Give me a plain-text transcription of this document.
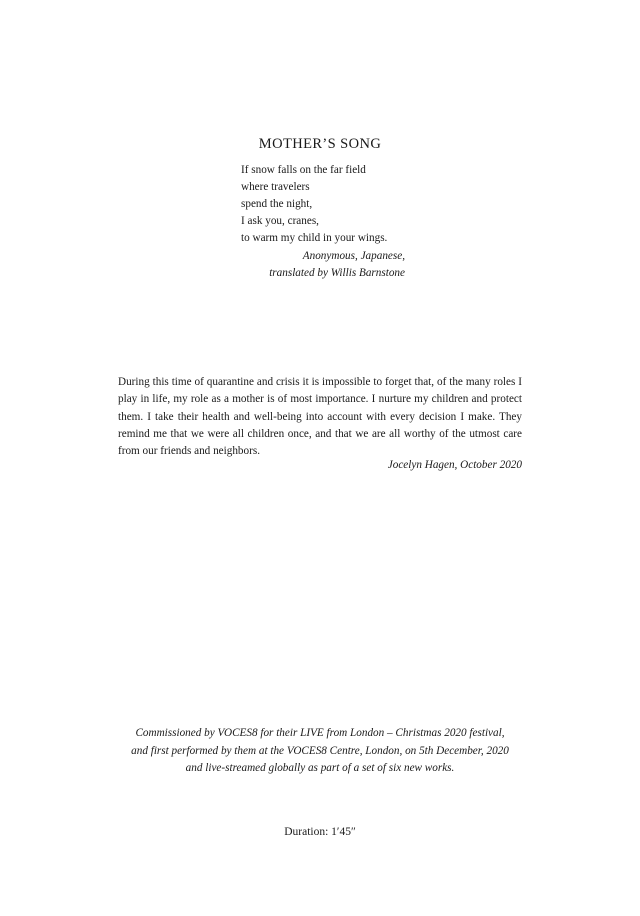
MOTHER’S SONG
If snow falls on the far field
where travelers
spend the night,
I ask you, cranes,
to warm my child in your wings.
Anonymous, Japanese,
translated by Willis Barnstone

During this time of quarantine and crisis it is impossible to forget that, of the many roles I play in life, my role as a mother is of most importance. I nurture my children and protect them. I take their health and well-being into account with every decision I make. They remind me that we were all children once, and that we are all worthy of the utmost care from our friends and neighbors.

Jocelyn Hagen, October 2020
Commissioned by VOCES8 for their LIVE from London – Christmas 2020 festival,
and first performed by them at the VOCES8 Centre, London, on 5th December, 2020
and live-streamed globally as part of a set of six new works.
Duration: 1′45″
